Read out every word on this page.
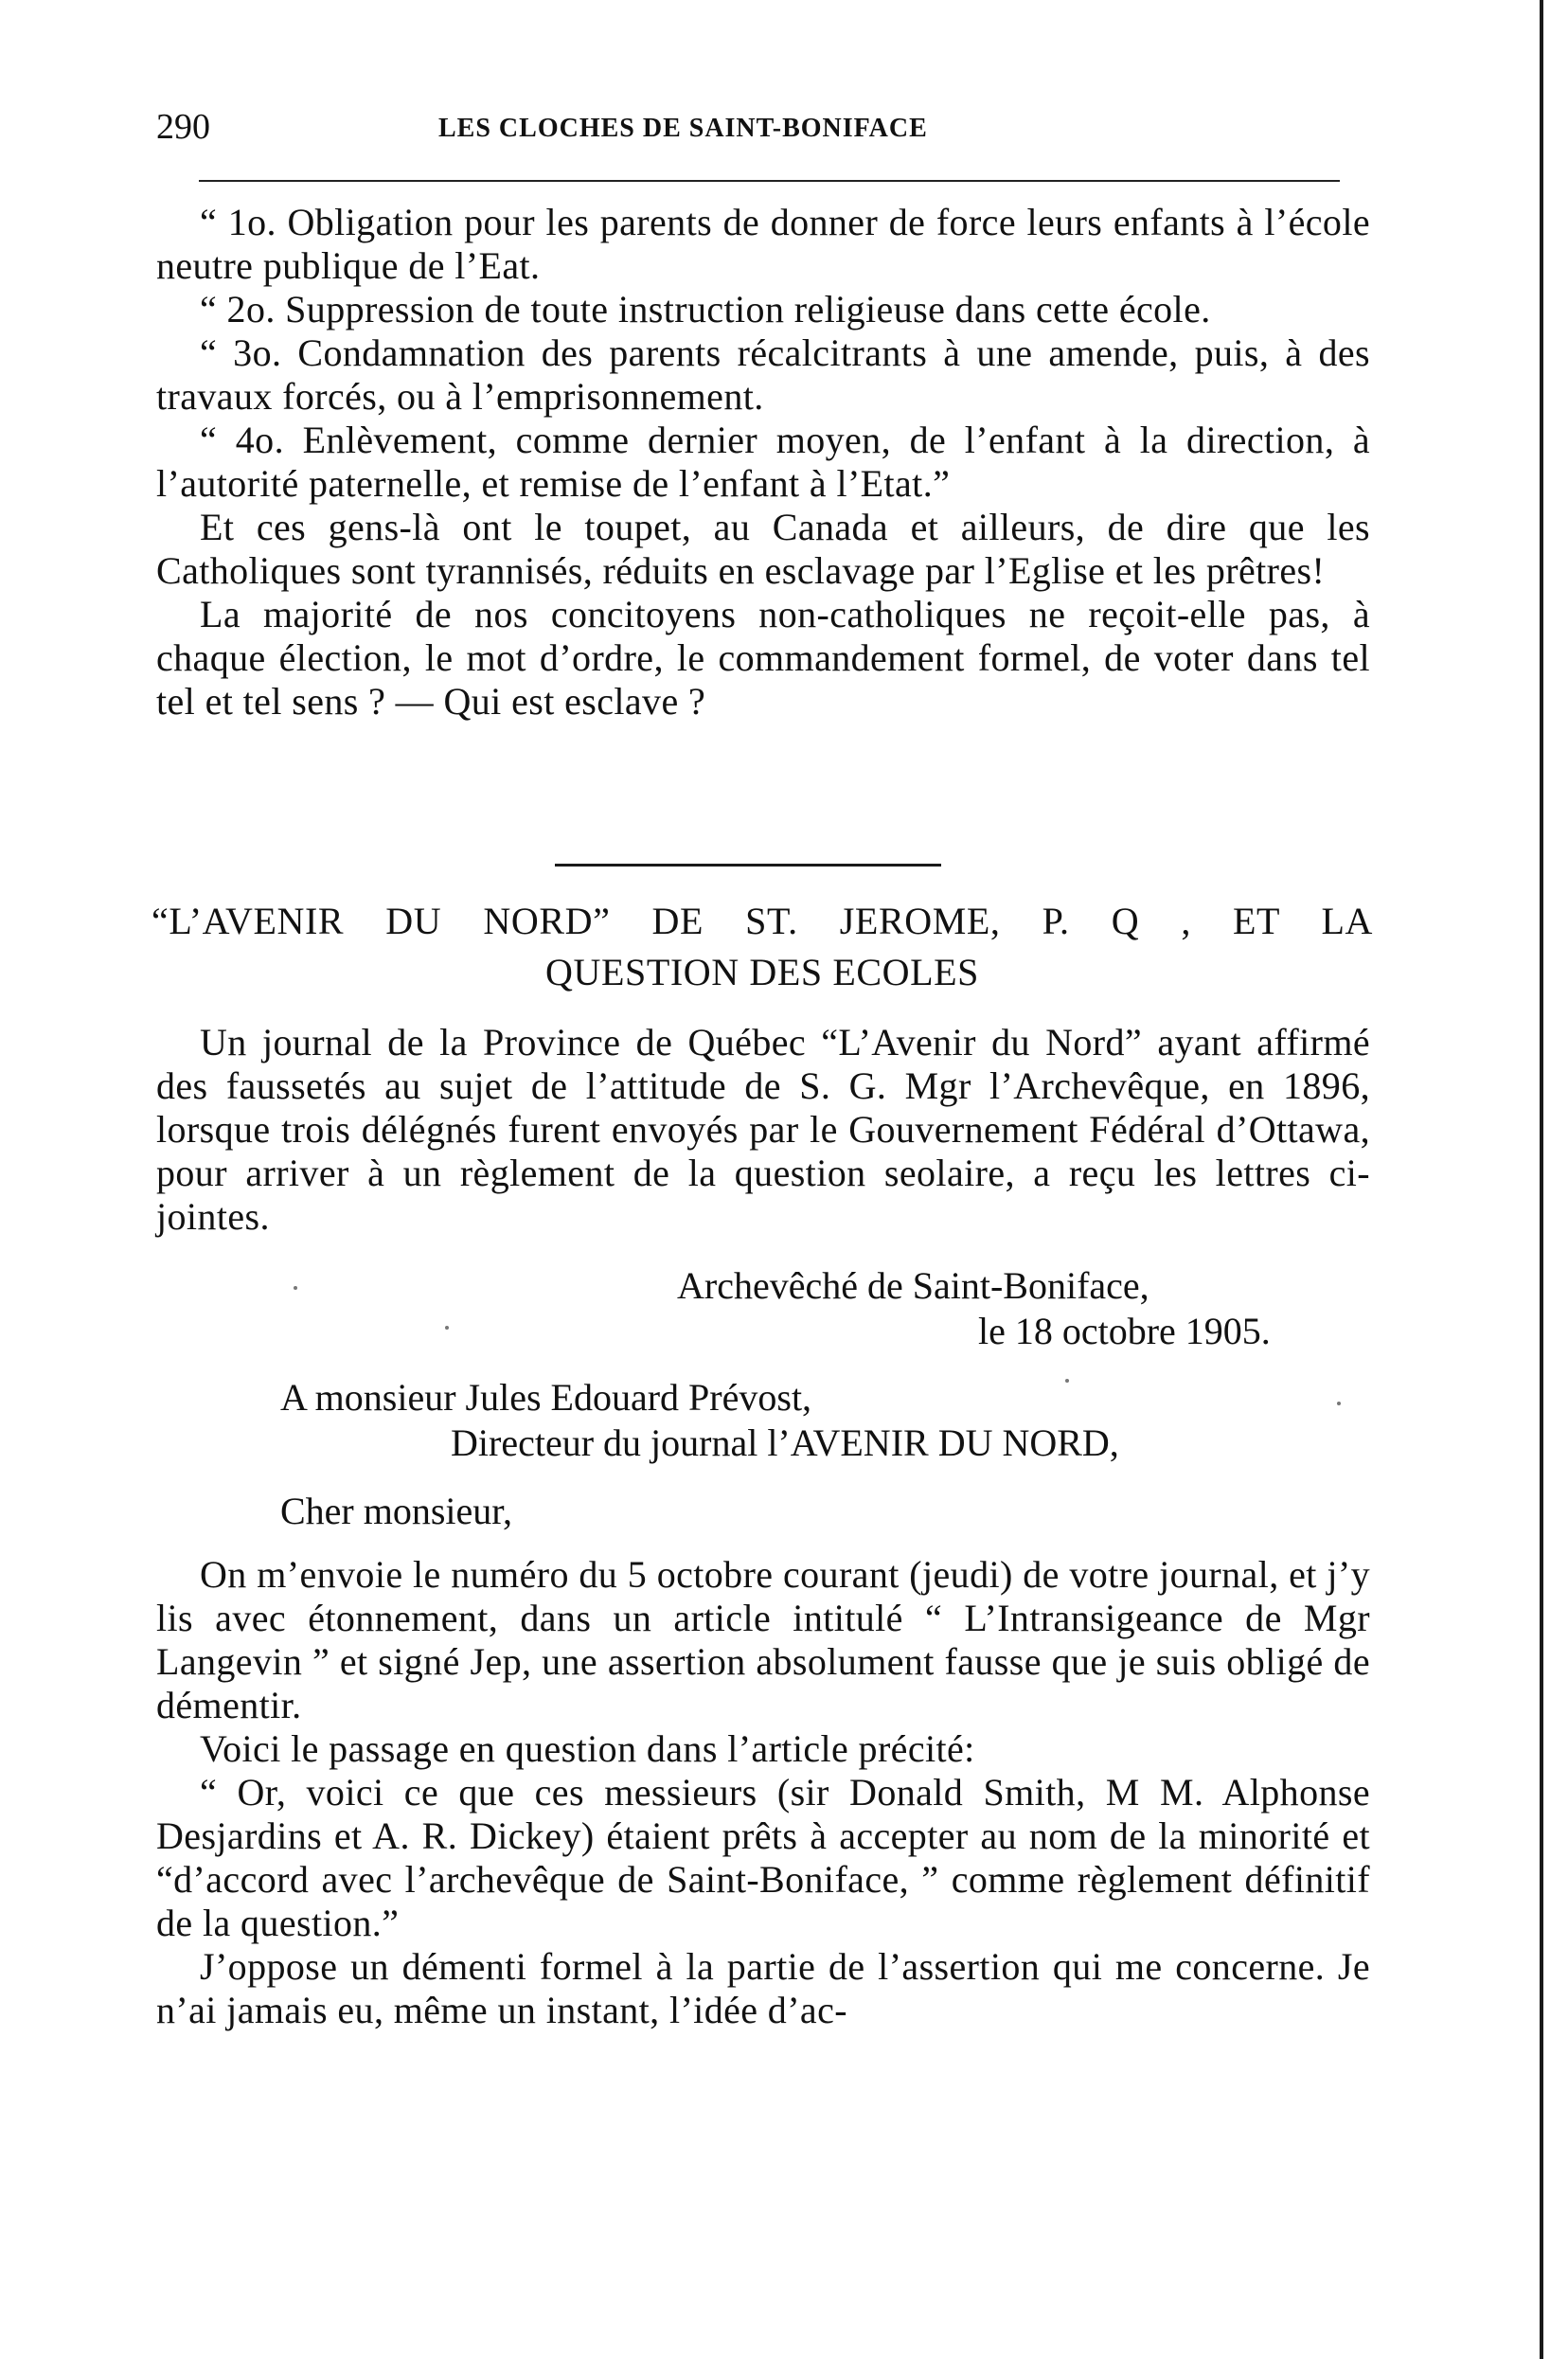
290	LES CLOCHES DE SAINT-BONIFACE

“ 1o. Obligation pour les parents de donner de force leurs enfants à l’école neutre publique de l’Eat.

“ 2o. Suppression de toute instruction religieuse dans cette école.

“ 3o. Condamnation des parents récalcitrants à une amende, puis, à des travaux forcés, ou à l’emprisonnement.

“ 4o. Enlèvement, comme dernier moyen, de l’enfant à la direction, à l’autorité paternelle, et remise de l’enfant à l’Etat.”

Et ces gens-là ont le toupet, au Canada et ailleurs, de dire que les Catholiques sont tyrannisés, réduits en esclavage par l’Eglise et les prêtres!

La majorité de nos concitoyens non-catholiques ne reçoit-elle pas, à chaque élection, le mot d’ordre, le commandement formel, de voter dans tel tel et tel sens ? — Qui est esclave ?

“L’AVENIR DU NORD” DE ST. JEROME, P. Q , ET LA
QUESTION DES ECOLES
Un journal de la Province de Québec “L’Avenir du Nord” ayant affirmé des faussetés au sujet de l’attitude de S. G. Mgr l’Archevêque, en 1896, lorsque trois délégnés furent envoyés par le Gouvernement Fédéral d’Ottawa, pour arriver à un règlement de la question seolaire, a reçu les lettres ci-jointes.
Archevêché de Saint-Boniface,
le 18 octobre 1905.
A monsieur Jules Edouard Prévost,
Directeur du journal l’AVENIR DU NORD,
Cher monsieur,

On m’envoie le numéro du 5 octobre courant (jeudi) de votre journal, et j’y lis avec étonnement, dans un article intitulé “ L’Intransigeance de Mgr Langevin ” et signé Jep, une assertion absolument fausse que je suis obligé de démentir.

Voici le passage en question dans l’article précité:

“ Or, voici ce que ces messieurs (sir Donald Smith, M M. Alphonse Desjardins et A. R. Dickey) étaient prêts à accepter au nom de la minorité et “d’accord avec l’archevêque de Saint-Boniface, ” comme règlement définitif de la question.”

J’oppose un démenti formel à la partie de l’assertion qui me concerne. Je n’ai jamais eu, même un instant, l’idée d’ac-
